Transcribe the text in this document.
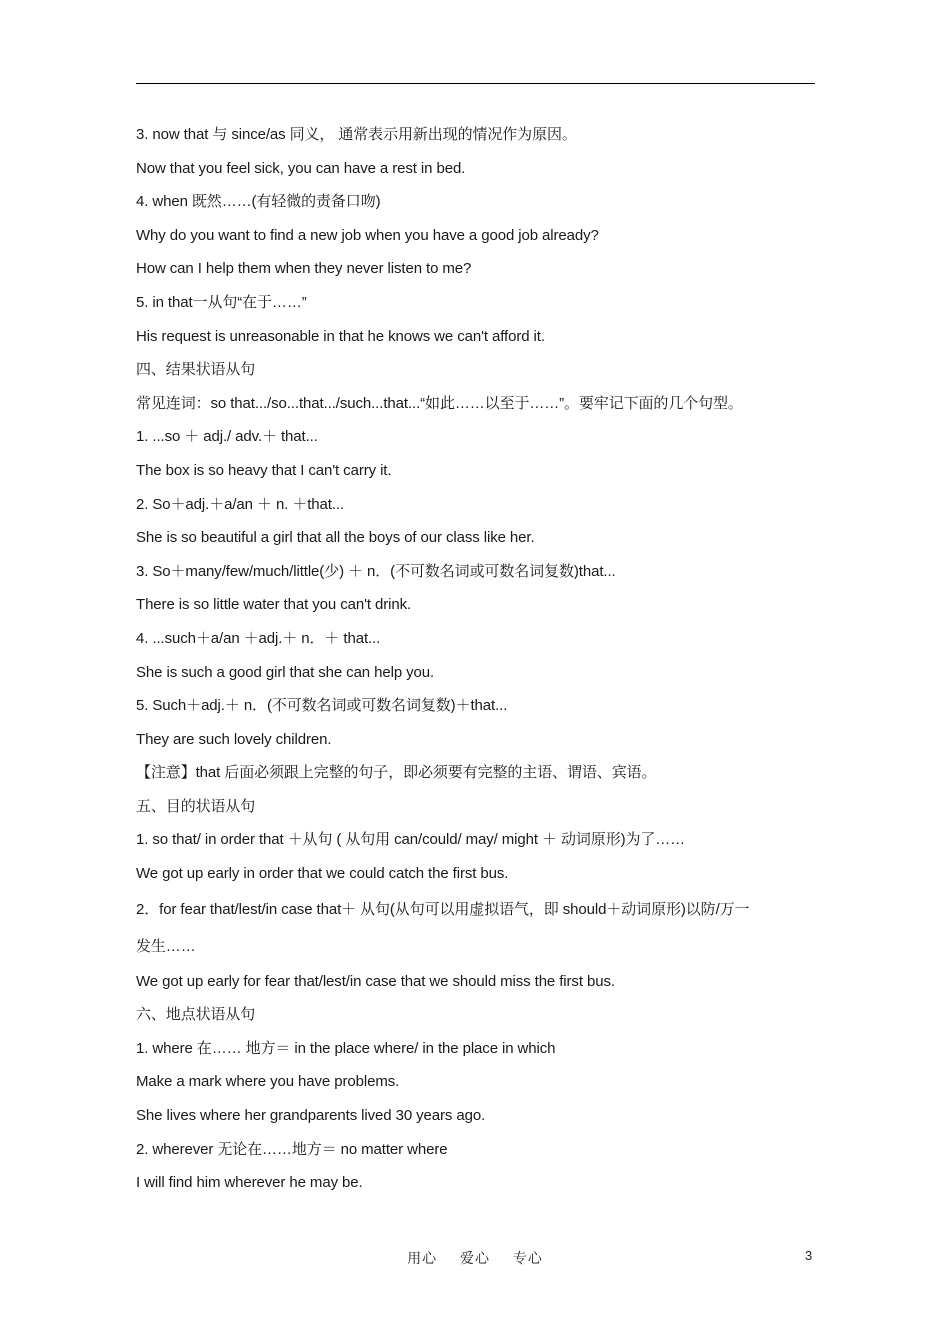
3. now that 与 since/as 同义， 通常表示用新出现的情况作为原因。
Now that you feel sick, you can have a rest in bed.
4. when 既然……(有轻微的责备口吻)
Why do you want to find a new job when you have a good job already?
How can I help them when they never listen to me?
5. in that一从句“在于……”
His request is unreasonable in that he knows we can't afford it.
四、结果状语从句
常见连词：so that.../so...that.../such...that...“如此……以至于……”。要牢记下面的几个句型。
1. ...so ＋ adj./ adv.＋ that...
The box is so heavy that I can't carry it.
2. So＋adj.＋a/an ＋ n. ＋that...
She is so beautiful a girl that all the boys of our class like her.
3. So＋many/few/much/little(少) ＋ n．(不可数名词或可数名词复数)that...
There is so little water that you can't drink.
4. ...such＋a/an ＋adj.＋ n．＋ that...
She is such a good girl that she can help you.
5. Such＋adj.＋ n．(不可数名词或可数名词复数)＋that...
They are such lovely children.
【注意】that 后面必须跟上完整的句子，即必须要有完整的主语、谓语、宾语。
五、目的状语从句
1. so that/ in order that ＋从句 ( 从句用 can/could/ may/ might ＋ 动词原形)为了……
We got up early in order that we could catch the first bus.
2．for fear that/lest/in case that＋ 从句(从句可以用虚拟语气，即 should＋动词原形)以防/万一
发生……
We got up early for fear that/lest/in case that we should miss the first bus.
六、地点状语从句
1. where 在…… 地方＝ in the place where/ in the place in which
Make a mark where you have problems.
She lives where her grandparents lived 30 years ago.
2. wherever 无论在……地方＝ no matter where
I will find him wherever he may be.
用心 爱心 专心	3
